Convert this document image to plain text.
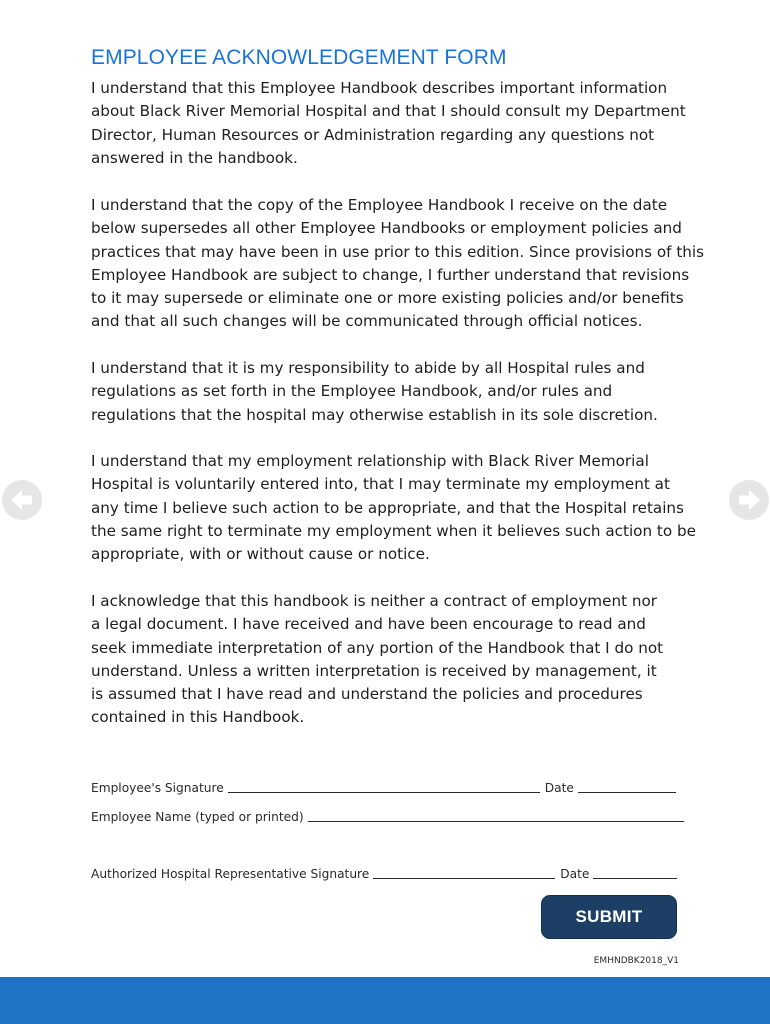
EMPLOYEE ACKNOWLEDGEMENT FORM

I understand that this Employee Handbook describes important information
about Black River Memorial Hospital and that I should consult my Department
Director, Human Resources or Administration regarding any questions not
answered in the handbook.

I understand that the copy of the Employee Handbook I receive on the date
below supersedes all other Employee Handbooks or employment policies and
practices that may have been in use prior to this edition. Since provisions of this
Employee Handbook are subject to change, I further understand that revisions
to it may supersede or eliminate one or more existing policies and/or benefits
and that all such changes will be communicated through official notices.

I understand that it is my responsibility to abide by all Hospital rules and
regulations as set forth in the Employee Handbook, and/or rules and
regulations that the hospital may otherwise establish in its sole discretion.

I understand that my employment relationship with Black River Memorial
Hospital is voluntarily entered into, that I may terminate my employment at
any time I believe such action to be appropriate, and that the Hospital retains
the same right to terminate my employment when it believes such action to be
appropriate, with or without cause or notice.

I acknowledge that this handbook is neither a contract of employment nor
a legal document. I have received and have been encourage to read and
seek immediate interpretation of any portion of the Handbook that I do not
understand. Unless a written interpretation is received by management, it
is assumed that I have read and understand the policies and procedures
contained in this Handbook.

Employee's Signature	Date
Employee Name (typed or printed)
Authorized Hospital Representative Signature	Date
SUBMIT
EMHNDBK2018_V1
